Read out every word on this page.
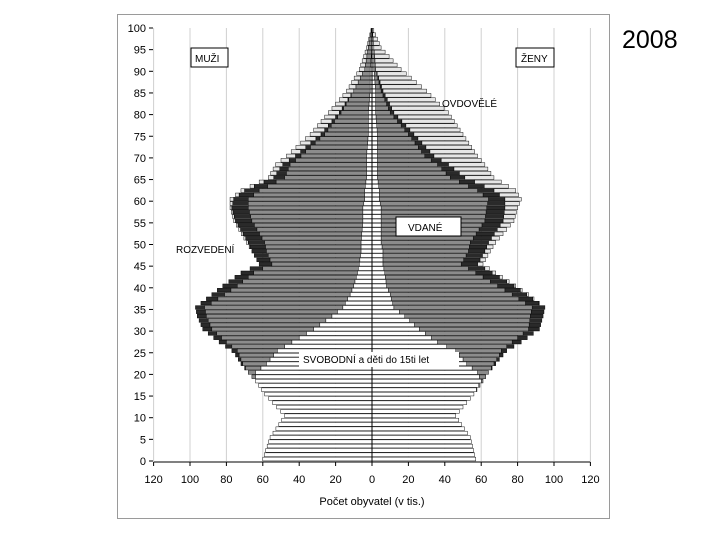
2008
0
5
10
15
20
25
30
35
40
45
50
55
60
65
70
75
80
85
90
95
100
120 100 80 60 40 20 0 20 40 60 80 100 120
MUŽI	ŽENY
OVDOVĚLÉ
VDANÉ
ROZVEDENÍ
SVOBODNÍ a děti do 15ti let
Počet obyvatel (v tis.)
